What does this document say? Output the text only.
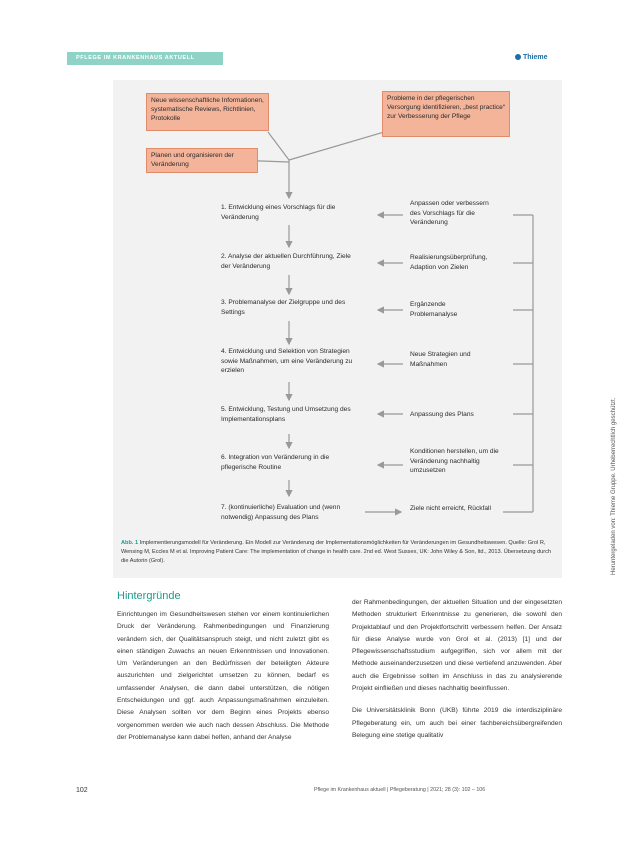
PFLEGE IM KRANKENHAUS AKTUELL	Thieme
Neue wissenschaftliche Informationen, systematische Reviews, Richtlinien, Protokolle
Probleme in der pflegerischen Versorgung identifizieren, „best practice“ zur Verbesserung der Pflege
Planen und organisieren der Veränderung
1. Entwicklung eines Vorschlags für die Veränderung
2. Analyse der aktuellen Durchführung, Ziele der Veränderung
3. Problemanalyse der Zielgruppe und des Settings
4. Entwicklung und Selektion von Strategien sowie Maßnahmen, um eine Veränderung zu erzielen
5. Entwicklung, Testung und Umsetzung des Implementationsplans
6. Integration von Veränderung in die pflegerische Routine
7. (kontinuierliche) Evaluation und (wenn notwendig) Anpassung des Plans
Anpassen oder verbessern des Vorschlags für die Veränderung
Realisierungsüberprüfung, Adaption von Zielen
Ergänzende Problemanalyse
Neue Strategien und Maßnahmen
Anpassung des Plans
Konditionen herstellen, um die Veränderung nachhaltig umzusetzen
Ziele nicht erreicht, Rückfall
Abb. 1 Implementierungsmodell für Veränderung. Ein Modell zur Veränderung der Implementationsmöglichkeiten für Veränderungen im Gesundheitswesen. Quelle: Grol R, Wensing M, Eccles M et al. Improving Patient Care: The implementation of change in health care. 2nd ed. West Sussex, UK: John Wiley & Son, ltd., 2013. Übersetzung durch die Autorin (Grol).	Heruntergeladen von: Thieme Gruppe. Urheberrechtlich geschützt.
Hintergründe

Einrichtungen im Gesundheitswesen stehen vor einem kontinuierlichen Druck der Veränderung. Rahmenbedingungen und Finanzierung verändern sich, der Qualitätsanspruch steigt, und nicht zuletzt gibt es einen ständigen Zuwachs an neuen Erkenntnissen und Innovationen. Um Veränderungen an den Bedürfnissen der beteiligten Akteure auszurichten und zielgerichtet umsetzen zu können, bedarf es umfassender Analysen, die dann dabei unterstützen, die nötigen Entscheidungen und ggf. auch Anpassungsmaßnahmen einzuleiten. Diese Analysen sollten vor dem Beginn eines Projekts ebenso vorgenommen werden wie auch nach dessen Abschluss. Die Methode der Problemanalyse kann dabei helfen, anhand der Analyse

der Rahmenbedingungen, der aktuellen Situation und der eingesetzten Methoden strukturiert Erkenntnisse zu generieren, die sowohl den Projektablauf und den Projektfortschritt verbessern helfen. Der Ansatz für diese Analyse wurde von Grol et al. (2013) [1] und der Pflegewissenschaftsstudium aufgegriffen, sich vor allem mit der Methode auseinanderzusetzen und diese vertiefend anzuwenden. Aber auch die Ergebnisse sollten im Anschluss in das zu analysierende Projekt einfließen und dieses nachhaltig beeinflussen.

Die Universitätsklinik Bonn (UKB) führte 2019 die interdisziplinäre Pflegeberatung ein, um auch bei einer fachbereichsübergreifenden Belegung eine stetige qualitativ

102	Pflege im Krankenhaus aktuell | Pflegeberatung | 2021; 28 (3): 102 – 106
